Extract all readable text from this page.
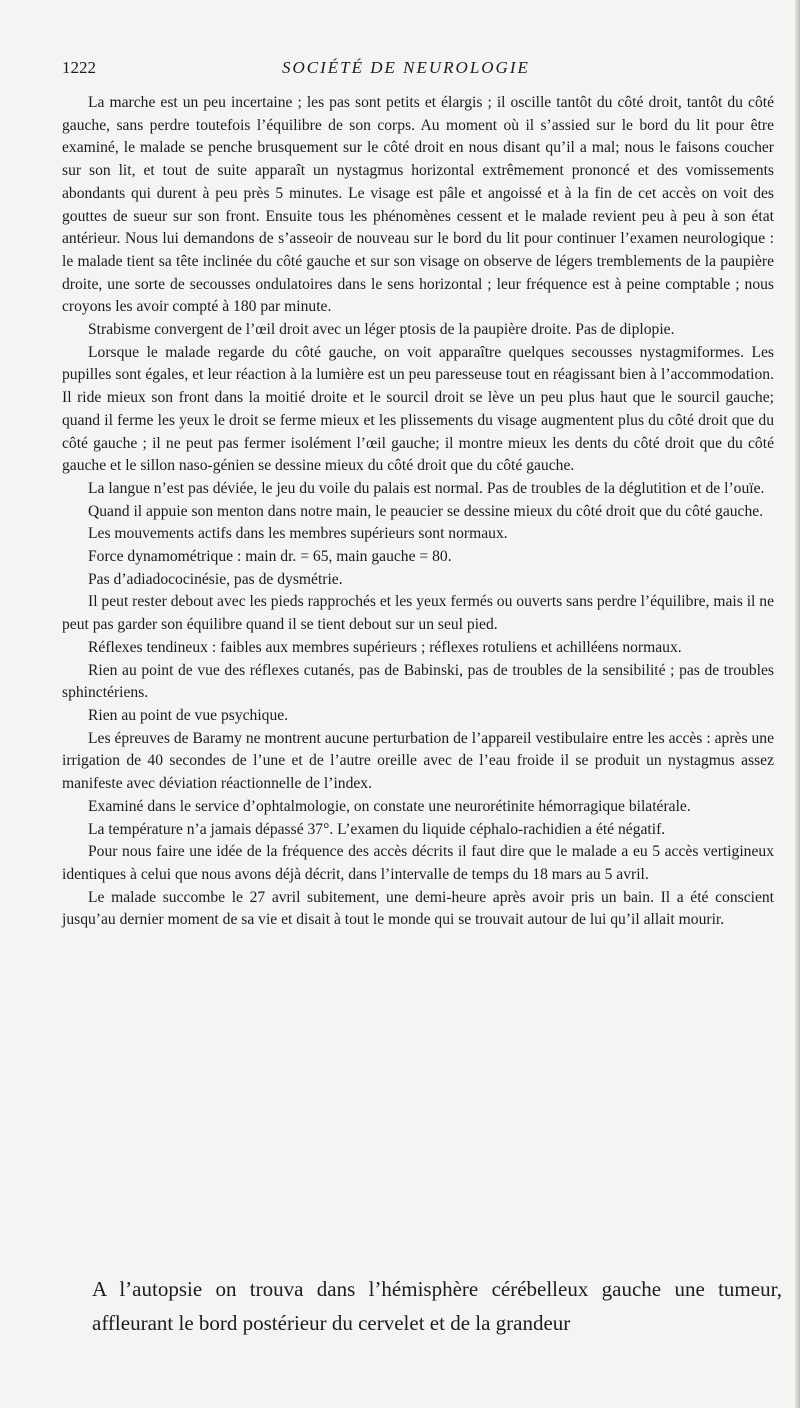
1222	SOCIÉTÉ DE NEUROLOGIE

La marche est un peu incertaine ; les pas sont petits et élargis ; il oscille tantôt du côté droit, tantôt du côté gauche, sans perdre toutefois l’équilibre de son corps. Au moment où il s’assied sur le bord du lit pour être examiné, le malade se penche brusquement sur le côté droit en nous disant qu’il a mal; nous le faisons coucher sur son lit, et tout de suite apparaît un nystagmus horizontal extrêmement prononcé et des vomissements abondants qui durent à peu près 5 minutes. Le visage est pâle et angoissé et à la fin de cet accès on voit des gouttes de sueur sur son front. Ensuite tous les phénomènes cessent et le malade revient peu à peu à son état antérieur. Nous lui demandons de s’asseoir de nouveau sur le bord du lit pour continuer l’examen neurologique : le malade tient sa tête inclinée du côté gauche et sur son visage on observe de légers tremblements de la paupière droite, une sorte de secousses ondulatoires dans le sens horizontal ; leur fréquence est à peine comptable ; nous croyons les avoir compté à 180 par minute.

Strabisme convergent de l’œil droit avec un léger ptosis de la paupière droite. Pas de diplopie.

Lorsque le malade regarde du côté gauche, on voit apparaître quelques secousses nystagmiformes. Les pupilles sont égales, et leur réaction à la lumière est un peu paresseuse tout en réagissant bien à l’accommodation. Il ride mieux son front dans la moitié droite et le sourcil droit se lève un peu plus haut que le sourcil gauche; quand il ferme les yeux le droit se ferme mieux et les plissements du visage augmentent plus du côté droit que du côté gauche ; il ne peut pas fermer isolément l’œil gauche; il montre mieux les dents du côté droit que du côté gauche et le sillon naso-génien se dessine mieux du côté droit que du côté gauche.

La langue n’est pas déviée, le jeu du voile du palais est normal. Pas de troubles de la déglutition et de l’ouïe.

Quand il appuie son menton dans notre main, le peaucier se dessine mieux du côté droit que du côté gauche.

Les mouvements actifs dans les membres supérieurs sont normaux.

Force dynamométrique : main dr. = 65, main gauche = 80.

Pas d’adiadococinésie, pas de dysmétrie.

Il peut rester debout avec les pieds rapprochés et les yeux fermés ou ouverts sans perdre l’équilibre, mais il ne peut pas garder son équilibre quand il se tient debout sur un seul pied.

Réflexes tendineux : faibles aux membres supérieurs ; réflexes rotuliens et achilléens normaux.

Rien au point de vue des réflexes cutanés, pas de Babinski, pas de troubles de la sensibilité ; pas de troubles sphinctériens.

Rien au point de vue psychique.

Les épreuves de Baramy ne montrent aucune perturbation de l’appareil vestibulaire entre les accès : après une irrigation de 40 secondes de l’une et de l’autre oreille avec de l’eau froide il se produit un nystagmus assez manifeste avec déviation réactionnelle de l’index.

Examiné dans le service d’ophtalmologie, on constate une neurorétinite hémorragique bilatérale.

La température n’a jamais dépassé 37°. L’examen du liquide céphalo-rachidien a été négatif.

Pour nous faire une idée de la fréquence des accès décrits il faut dire que le malade a eu 5 accès vertigineux identiques à celui que nous avons déjà décrit, dans l’intervalle de temps du 18 mars au 5 avril.

Le malade succombe le 27 avril subitement, une demi-heure après avoir pris un bain. Il a été conscient jusqu’au dernier moment de sa vie et disait à tout le monde qui se trouvait autour de lui qu’il allait mourir.

A l’autopsie on trouva dans l’hémisphère cérébelleux gauche une tumeur, affleurant le bord postérieur du cervelet et de la grandeur
